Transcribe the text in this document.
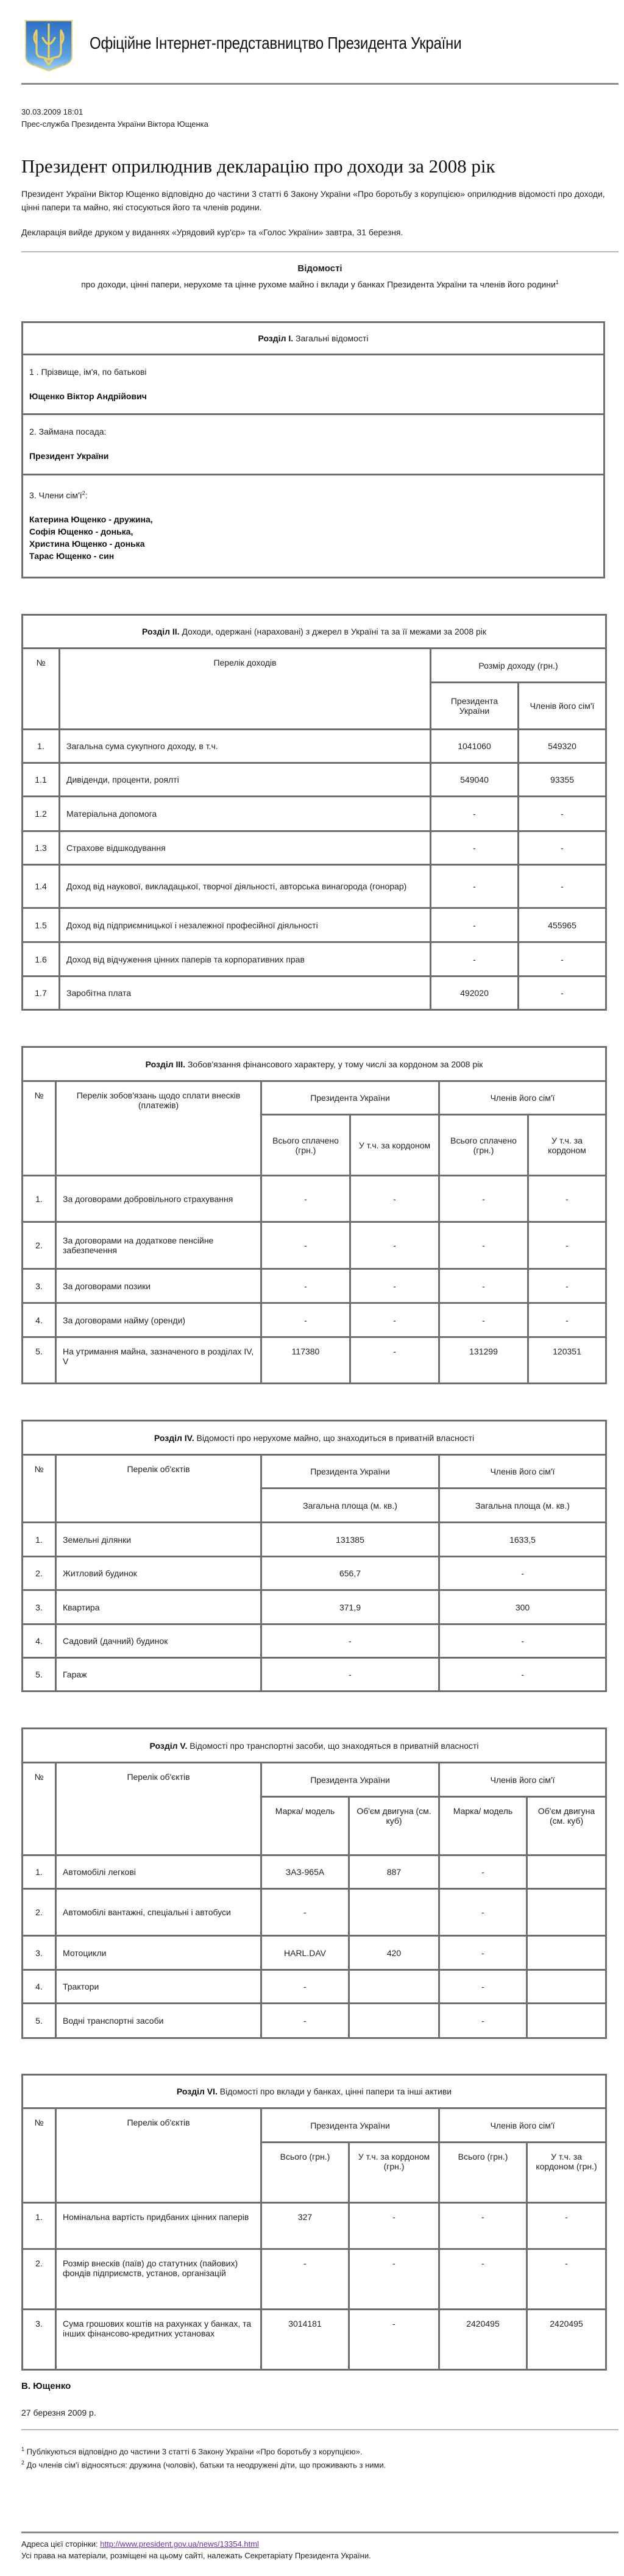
Офіційне Інтернет-представництво Президента України
30.03.2009 18:01
Прес-служба Президента України Віктора Ющенка
Президент оприлюднив декларацію про доходи за 2008 рік
Президент України Віктор Ющенко відповідно до частини 3 статті 6 Закону України «Про боротьбу з корупцією» оприлюднив відомості про доходи, цінні папери та майно, які стосуються його та членів родини.
Декларація вийде друком у виданнях «Урядовий кур'єр» та «Голос України» завтра, 31 березня.
Відомості
про доходи, цінні папери, нерухоме та цінне рухоме майно і вклади у банках Президента України та членів його родини$^1$
Розділ I. Загальні відомості

1 . Прізвище, ім'я, по батькові
Ющенко Віктор Андрійович

2. Займана посада:
Президент України

3. Члени $сім'ї^2$:
Катерина Ющенко - дружина,
Софія Ющенко - донька,
Христина Ющенко - донька
Тарас Ющенко - син
Розділ II. Доходи, одержані (нараховані) з джерел в Україні та за її межами за 2008 рік			
№	Перелік доходів	Розмір доходу (грн.)	
		Президента України	Членів його сім'ї
1.	Загальна сума сукупного доходу, в т.ч.	1041060	549320
1.1	Дивіденди, проценти, роялті	549040	93355
1.2	Матеріальна допомога	-	-
1.3	Страхове відшкодування	-	-
1.4	Доход від наукової, викладацької, творчої діяльності, авторська винагорода (гонорар)	-	-
1.5	Доход від підприємницької і незалежної професійної діяльності	-	455965
1.6	Доход від відчуження цінних паперів та корпоративних прав	-	-
1.7	Заробітна плата	492020	-
Розділ III. Зобов'язання фінансового характеру, у тому числі за кордоном за 2008 рік					
№	Перелік зобов'язань щодо сплати внесків (платежів)	Президента України		Членів його сім'ї	
		Всього сплачено (грн.)	У т.ч. за кордоном	Всього сплачено (грн.)	У т.ч. за кордоном
1.	За договорами добровільного страхування	-	-	-	-
2.	За договорами на додаткове пенсійне забезпечення	-	-	-	-
3.	За договорами позики	-	-	-	-
4.	За договорами найму (оренди)	-	-	-	-
5.	На утримання майна, зазначеного в розділах IV, V	117380	-	131299	120351
Розділ IV. Відомості про нерухоме майно, що знаходиться в приватній власності			
№	Перелік об'єктів	Президента України	Членів його сім'ї
		Загальна площа (м. кв.)	Загальна площа (м. кв.)
1.	Земельні ділянки	131385	1633,5
2.	Житловий будинок	656,7	-
3.	Квартира	371,9	300
4.	Садовий (дачний) будинок	-	-
5.	Гараж	-	-
Розділ V. Відомості про транспортні засоби, що знаходяться в приватній власності					
№	Перелік об'єктів	Президента України		Членів його сім'ї	
		Марка/ модель	Об'єм двигуна (см. куб)	Марка/ модель	Об'єм двигуна (см. куб)
1.	Автомобілі легкові	ЗАЗ-965А	887	-	
2.	Автомобілі вантажні, спеціальні і автобуси	-		-	
3.	Мотоцикли	HARL.DAV	420	-	
4.	Трактори	-		-	
5.	Водні транспортні засоби	-		-	
Розділ VI. Відомості про вклади у банках, цінні папери та інші активи					
№	Перелік об'єктів	Президента України		Членів його сім'ї	
		Всього (грн.)	У т.ч. за кордоном (грн.)	Всього (грн.)	У т.ч. за кордоном (грн.)
1.	Номінальна вартість придбаних цінних паперів	327	-	-	-
2.	Розмір внесків (паїв) до статутних (пайових) фондів підприємств, установ, організацій	-	-	-	-
3.	Сума грошових коштів на рахунках у банках, та інших фінансово-кредитних установах	3014181	-	2420495	2420495
В. Ющенко
27 березня 2009 р.
$^1$ Публікуються відповідно до частини 3 статті 6 Закону України «Про боротьбу з корупцією».
$^2$ До членів сім'ї відносяться: дружина (чоловік), батьки та неодружені діти, що проживають з ними.
Адреса цієї сторінки: http://www.president.gov.ua/news/13354.html
Усі права на матеріали, розміщені на цьому сайті, належать Секретаріату Президента України.
